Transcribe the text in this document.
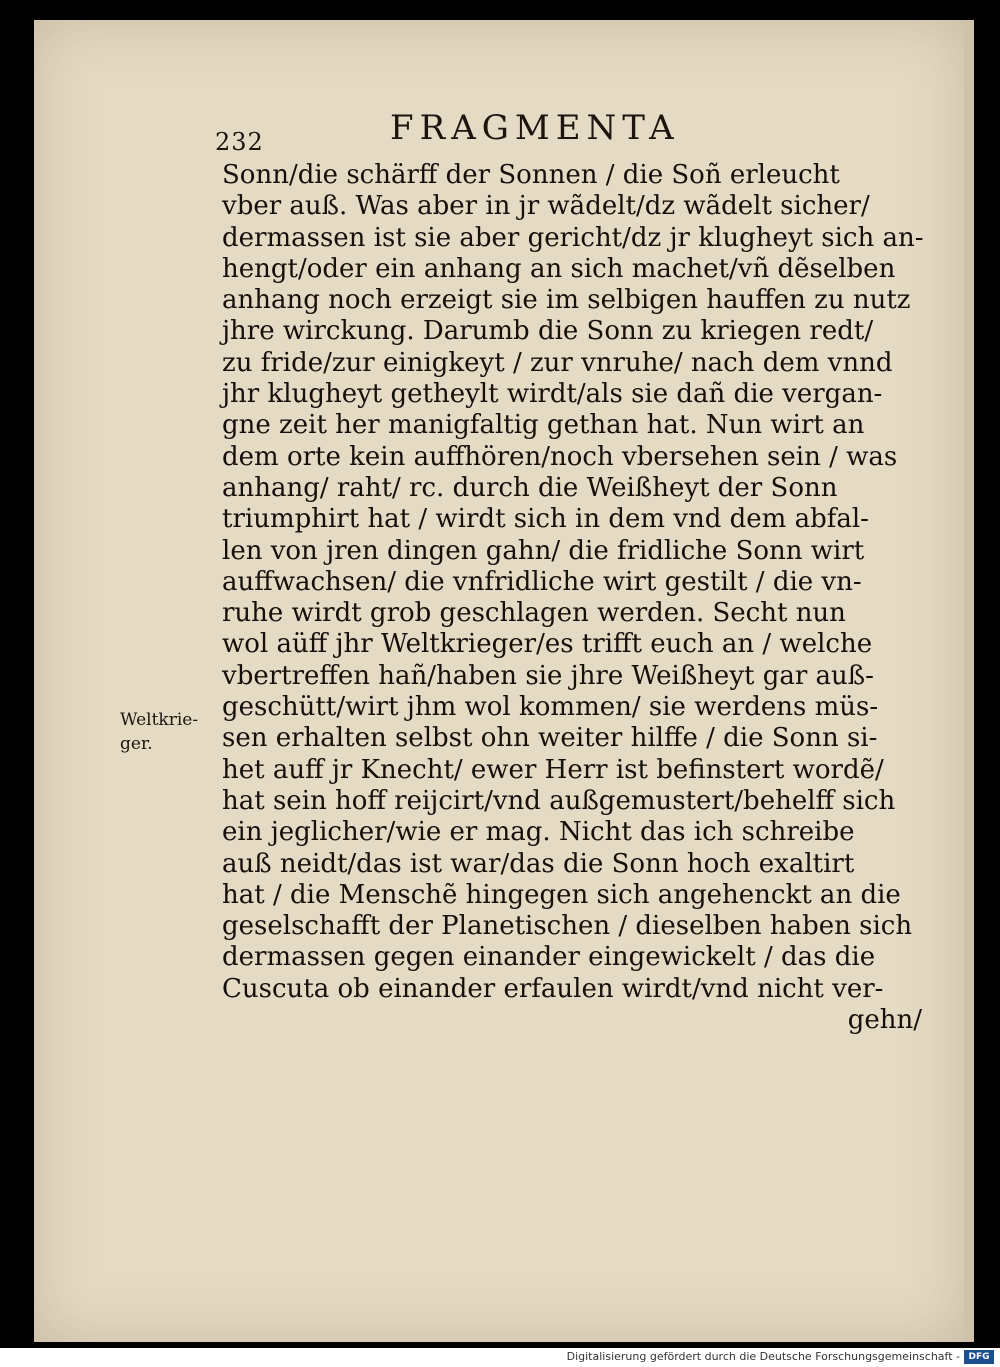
232	FRAGMENTA
Weltkrie-
ger.
Sonn/die schärff der Sonnen / die Soñ erleucht
vber auß. Was aber in jr wãdelt/dz wãdelt sicher/
dermassen ist sie aber gericht/dz jr klugheyt sich an-
hengt/oder ein anhang an sich machet/vñ dẽselben
anhang noch erzeigt sie im selbigen hauffen zu nutz
jhre wirckung. Darumb die Sonn zu kriegen redt/
zu fride/zur einigkeyt / zur vnruhe/ nach dem vnnd
jhr klugheyt getheylt wirdt/als sie dañ die vergan-
gne zeit her manigfaltig gethan hat. Nun wirt an
dem orte kein auffhören/noch vbersehen sein / was
anhang/ raht/ rc. durch die Weißheyt der Sonn
triumphirt hat / wirdt sich in dem vnd dem abfal-
len von jren dingen gahn/ die fridliche Sonn wirt
auffwachsen/ die vnfridliche wirt gestilt / die vn-
ruhe wirdt grob geschlagen werden. Secht nun
wol aüff jhr Weltkrieger/es trifft euch an / welche
vbertreffen hañ/haben sie jhre Weißheyt gar auß-
geschütt/wirt jhm wol kommen/ sie werdens müs-
sen erhalten selbst ohn weiter hilffe / die Sonn si-
het auff jr Knecht/ ewer Herr ist befinstert wordẽ/
hat sein hoff reijcirt/vnd außgemustert/behelff sich
ein jeglicher/wie er mag. Nicht das ich schreibe
auß neidt/das ist war/das die Sonn hoch exaltirt
hat / die Menschẽ hingegen sich angehenckt an die
geselschafft der Planetischen / dieselben haben sich
dermassen gegen einander eingewickelt / das die
Cuscuta ob einander erfaulen wirdt/vnd nicht ver-
gehn/
Digitalisierung gefördert durch die Deutsche Forschungsgemeinschaft - DFG
